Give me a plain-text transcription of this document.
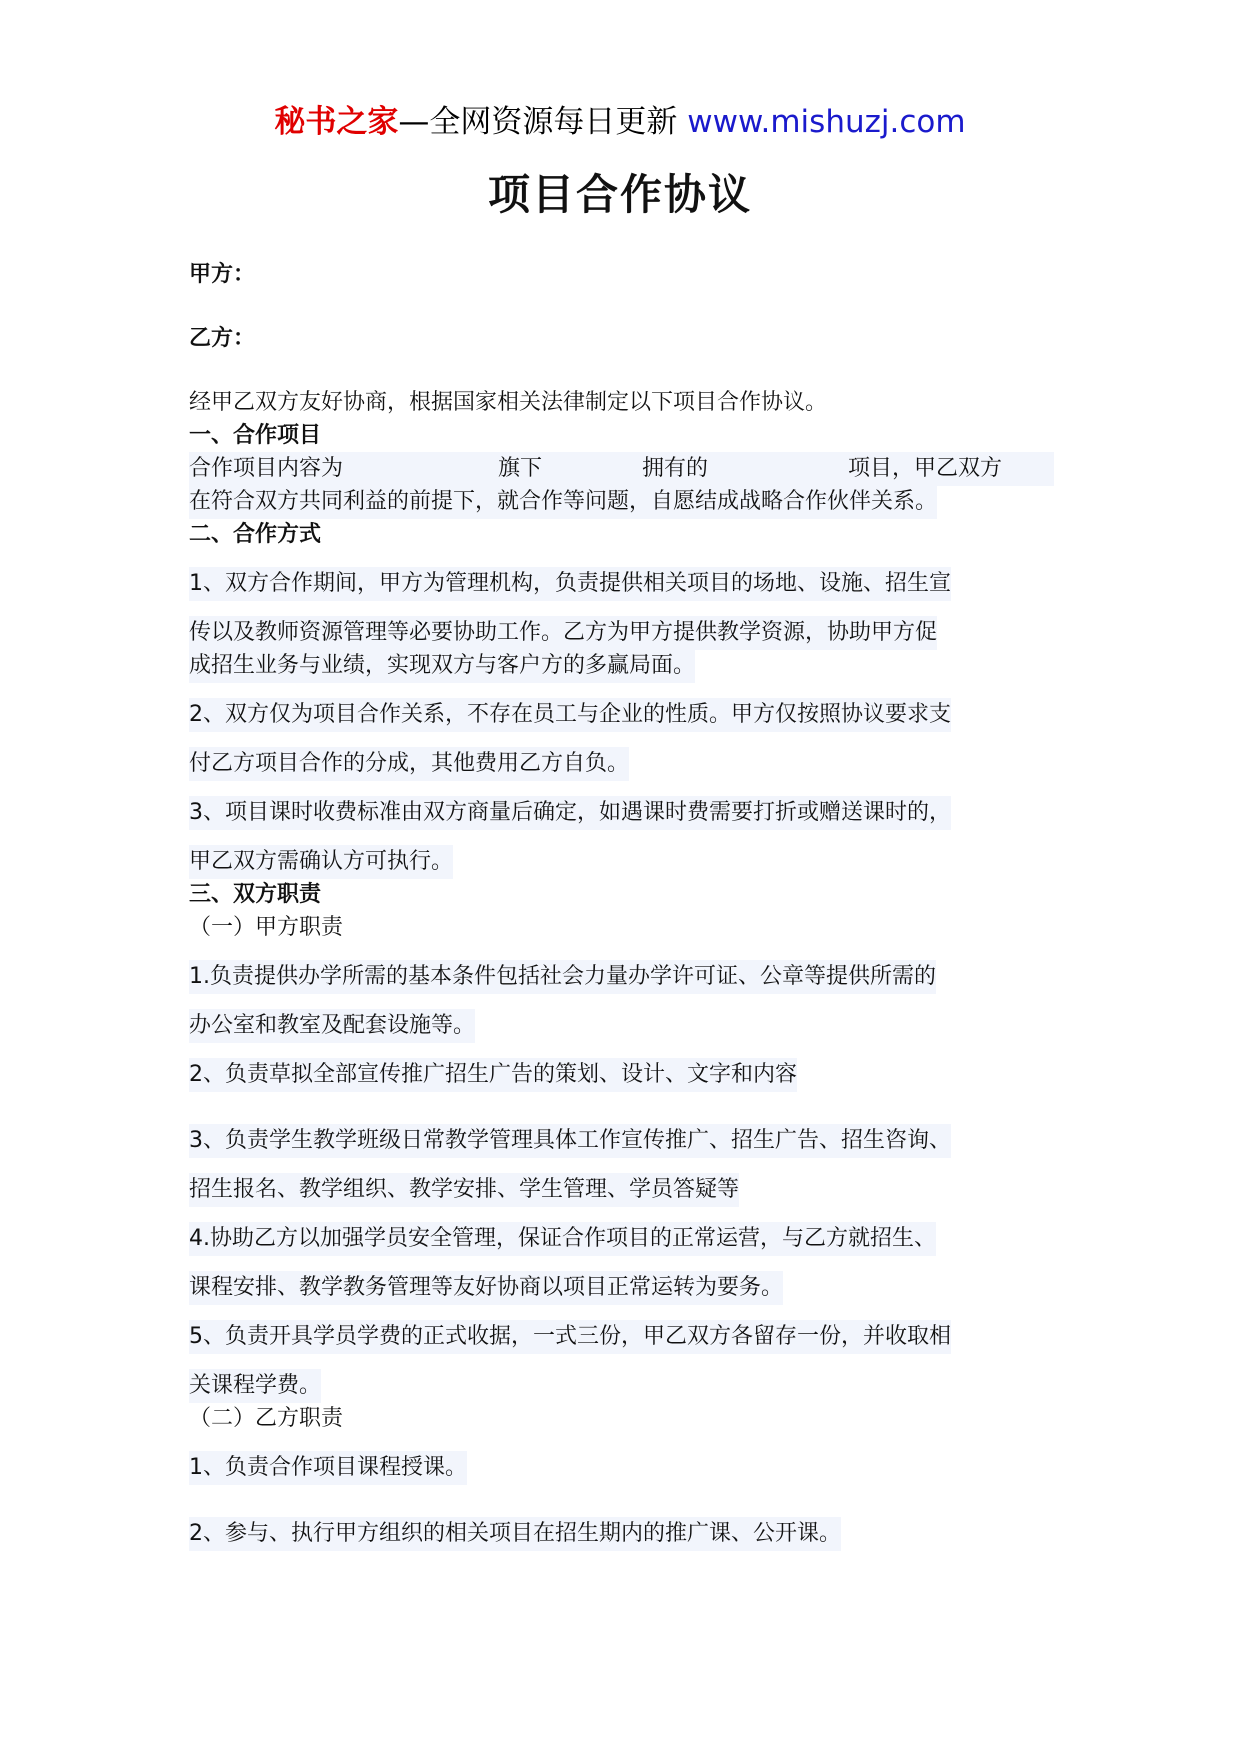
秘书之家—全网资源每日更新 www.mishuzj.com
项目合作协议
甲方：
乙方：
经甲乙双方友好协商，根据国家相关法律制定以下项目合作协议。
一、合作项目
合作项目内容为	旗下	拥有的	项目，甲乙双方
在符合双方共同利益的前提下，就合作等问题，自愿结成战略合作伙伴关系。
二、合作方式
1、双方合作期间，甲方为管理机构，负责提供相关项目的场地、设施、招生宣
传以及教师资源管理等必要协助工作。乙方为甲方提供教学资源，协助甲方促
成招生业务与业绩，实现双方与客户方的多赢局面。
2、双方仅为项目合作关系，不存在员工与企业的性质。甲方仅按照协议要求支
付乙方项目合作的分成，其他费用乙方自负。
3、项目课时收费标准由双方商量后确定，如遇课时费需要打折或赠送课时的，
甲乙双方需确认方可执行。
三、双方职责
（一）甲方职责
1.负责提供办学所需的基本条件包括社会力量办学许可证、公章等提供所需的
办公室和教室及配套设施等。
2、负责草拟全部宣传推广招生广告的策划、设计、文字和内容
3、负责学生教学班级日常教学管理具体工作宣传推广、招生广告、招生咨询、
招生报名、教学组织、教学安排、学生管理、学员答疑等
4.协助乙方以加强学员安全管理，保证合作项目的正常运营，与乙方就招生、
课程安排、教学教务管理等友好协商以项目正常运转为要务。
5、负责开具学员学费的正式收据，一式三份，甲乙双方各留存一份，并收取相
关课程学费。
（二）乙方职责
1、负责合作项目课程授课。
2、参与、执行甲方组织的相关项目在招生期内的推广课、公开课。
